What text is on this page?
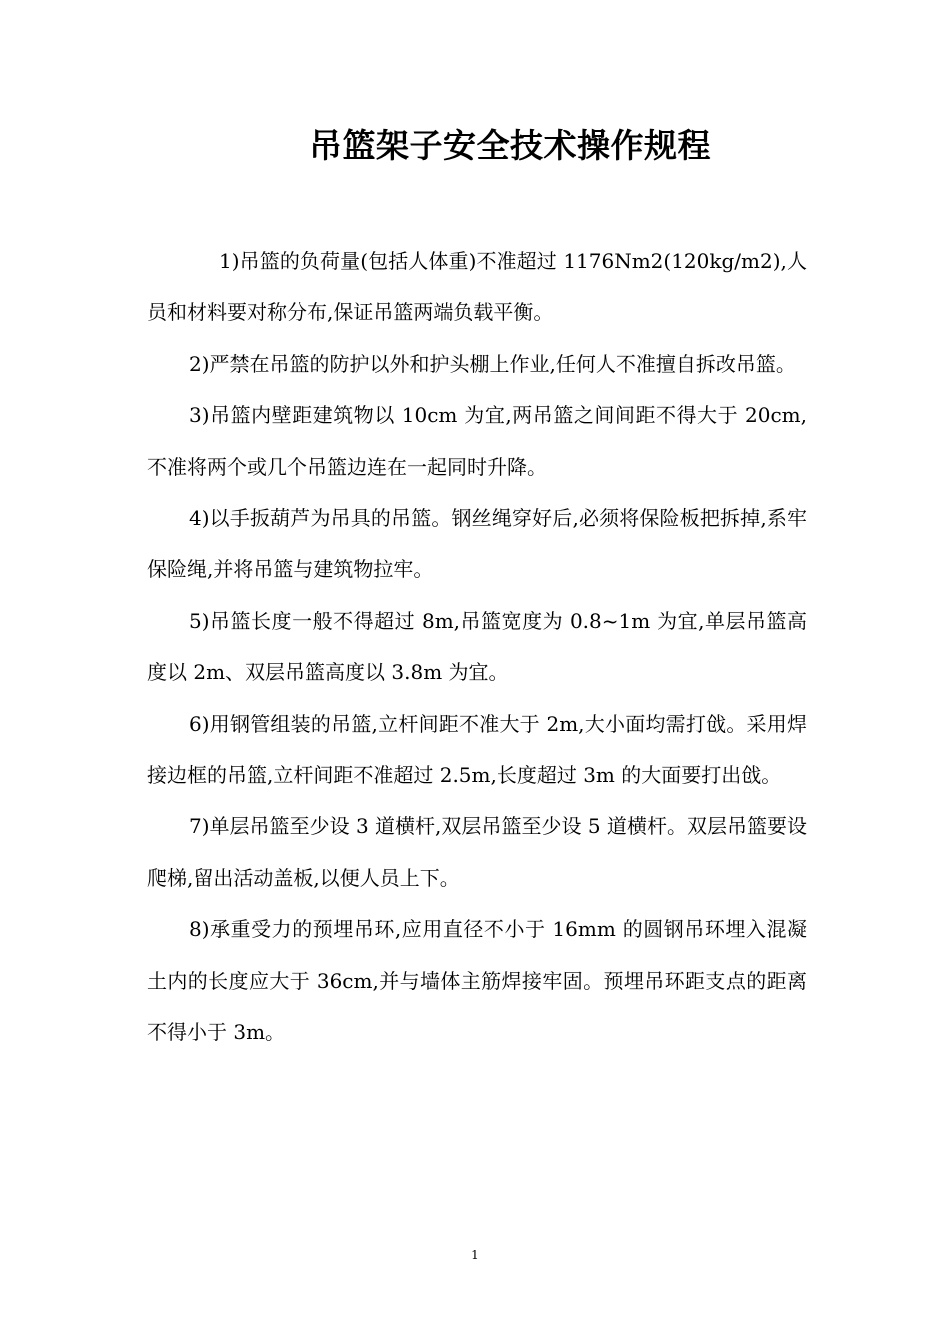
吊篮架子安全技术操作规程

1)吊篮的负荷量(包括人体重)不准超过 1176Nm2(120kg/m2),人员和材料要对称分布,保证吊篮两端负载平衡。

2)严禁在吊篮的防护以外和护头棚上作业,任何人不准擅自拆改吊篮。

3)吊篮内壁距建筑物以 10cm 为宜,两吊篮之间间距不得大于 20cm,不准将两个或几个吊篮边连在一起同时升降。

4)以手扳葫芦为吊具的吊篮。钢丝绳穿好后,必须将保险板把拆掉,系牢保险绳,并将吊篮与建筑物拉牢。

5)吊篮长度一般不得超过 8m,吊篮宽度为 0.8~1m 为宜,单层吊篮高度以 2m、双层吊篮高度以 3.8m 为宜。

6)用钢管组装的吊篮,立杆间距不准大于 2m,大小面均需打戗。采用焊接边框的吊篮,立杆间距不准超过 2.5m,长度超过 3m 的大面要打出戗。

7)单层吊篮至少设 3 道横杆,双层吊篮至少设 5 道横杆。双层吊篮要设爬梯,留出活动盖板,以便人员上下。

8)承重受力的预埋吊环,应用直径不小于 16mm 的圆钢吊环埋入混凝土内的长度应大于 36cm,并与墙体主筋焊接牢固。预埋吊环距支点的距离不得小于 3m。

1
